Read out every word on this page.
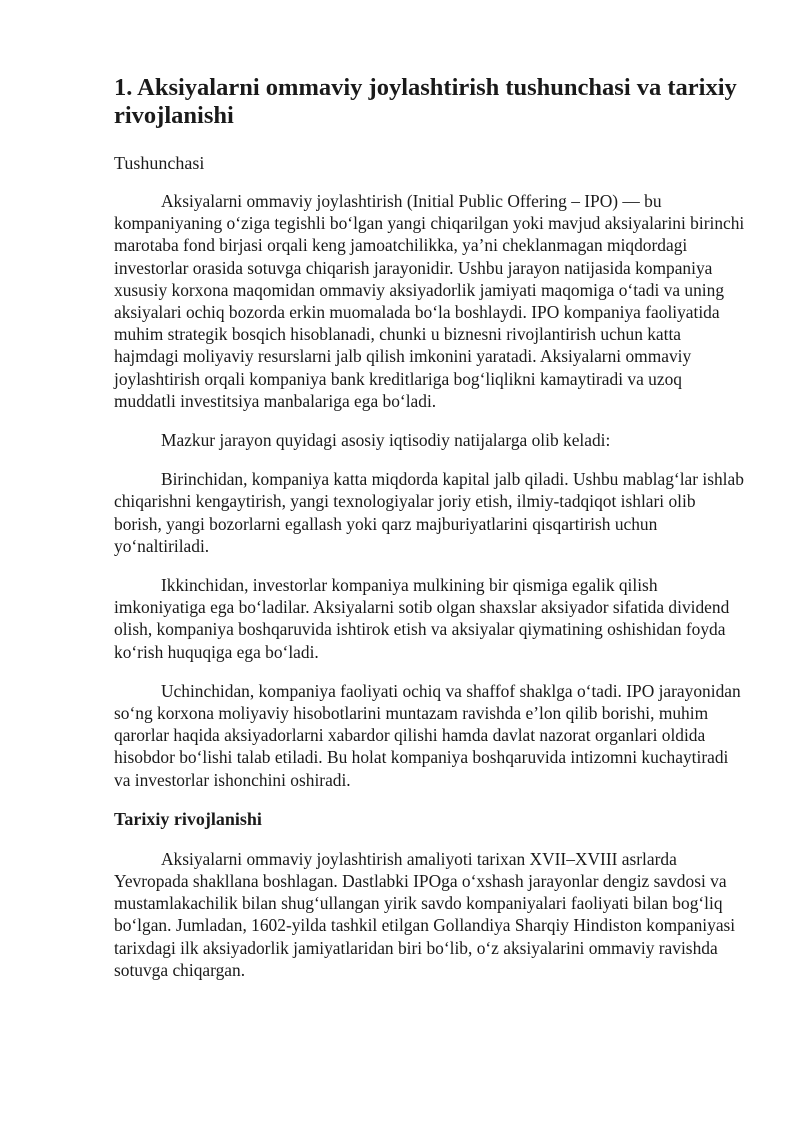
1. Aksiyalarni ommaviy joylashtirish tushunchasi va tarixiy rivojlanishi
Tushunchasi

Aksiyalarni ommaviy joylashtirish (Initial Public Offering – IPO) — bu kompaniyaning o‘ziga tegishli bo‘lgan yangi chiqarilgan yoki mavjud aksiyalarini birinchi marotaba fond birjasi orqali keng jamoatchilikka, ya’ni cheklanmagan miqdordagi investorlar orasida sotuvga chiqarish jarayonidir. Ushbu jarayon natijasida kompaniya xususiy korxona maqomidan ommaviy aksiyadorlik jamiyati maqomiga o‘tadi va uning aksiyalari ochiq bozorda erkin muomalada bo‘la boshlaydi. IPO kompaniya faoliyatida muhim strategik bosqich hisoblanadi, chunki u biznesni rivojlantirish uchun katta hajmdagi moliyaviy resurslarni jalb qilish imkonini yaratadi. Aksiyalarni ommaviy joylashtirish orqali kompaniya bank kreditlariga bog‘liqlikni kamaytiradi va uzoq muddatli investitsiya manbalariga ega bo‘ladi.

Mazkur jarayon quyidagi asosiy iqtisodiy natijalarga olib keladi:

Birinchidan, kompaniya katta miqdorda kapital jalb qiladi. Ushbu mablag‘lar ishlab chiqarishni kengaytirish, yangi texnologiyalar joriy etish, ilmiy-tadqiqot ishlari olib borish, yangi bozorlarni egallash yoki qarz majburiyatlarini qisqartirish uchun yo‘naltiriladi.

Ikkinchidan, investorlar kompaniya mulkining bir qismiga egalik qilish imkoniyatiga ega bo‘ladilar. Aksiyalarni sotib olgan shaxslar aksiyador sifatida dividend olish, kompaniya boshqaruvida ishtirok etish va aksiyalar qiymatining oshishidan foyda ko‘rish huquqiga ega bo‘ladi.

Uchinchidan, kompaniya faoliyati ochiq va shaffof shaklga o‘tadi. IPO jarayonidan so‘ng korxona moliyaviy hisobotlarini muntazam ravishda e’lon qilib borishi, muhim qarorlar haqida aksiyadorlarni xabardor qilishi hamda davlat nazorat organlari oldida hisobdor bo‘lishi talab etiladi. Bu holat kompaniya boshqaruvida intizomni kuchaytiradi va investorlar ishonchini oshiradi.

Tarixiy rivojlanishi

Aksiyalarni ommaviy joylashtirish amaliyoti tarixan XVII–XVIII asrlarda Yevropada shakllana boshlagan. Dastlabki IPOga o‘xshash jarayonlar dengiz savdosi va mustamlakachilik bilan shug‘ullangan yirik savdo kompaniyalari faoliyati bilan bog‘liq bo‘lgan. Jumladan, 1602-yilda tashkil etilgan Gollandiya Sharqiy Hindiston kompaniyasi tarixdagi ilk aksiyadorlik jamiyatlaridan biri bo‘lib, o‘z aksiyalarini ommaviy ravishda sotuvga chiqargan.
